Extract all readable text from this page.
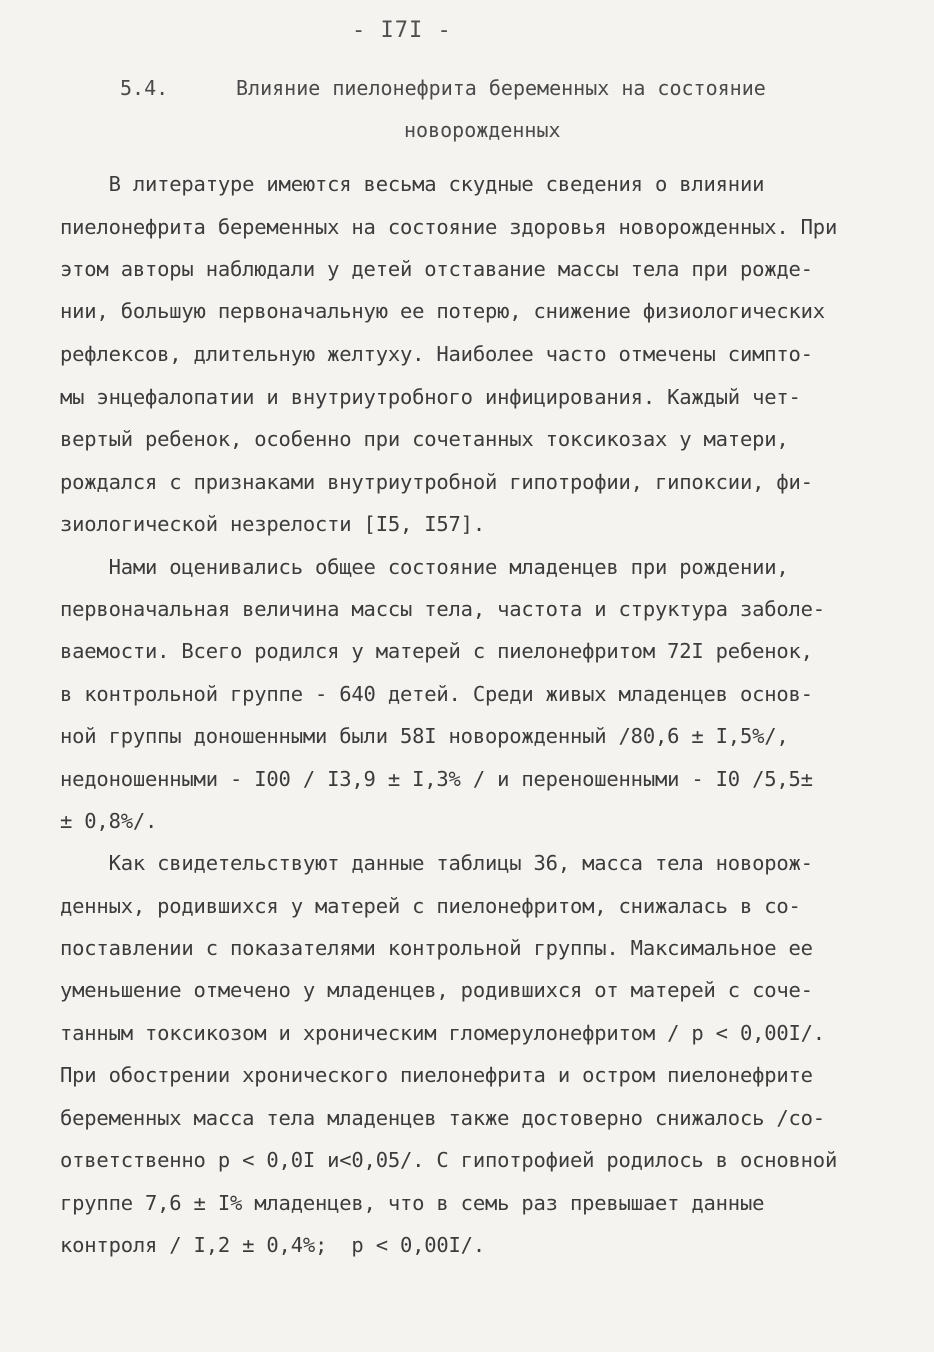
- I7I -
5.4.	Влияние пиелонефрита беременных на состояние
новорожденных
В литературе имеются весьма скудные сведения о влиянии
пиелонефрита беременных на состояние здоровья новорожденных. При
этом авторы наблюдали у детей отставание массы тела при рожде-
нии, большую первоначальную ее потерю, снижение физиологических
рефлексов, длительную желтуху. Наиболее часто отмечены симпто-
мы энцефалопатии и внутриутробного инфицирования. Каждый чет-
вертый ребенок, особенно при сочетанных токсикозах у матери,
рождался с признаками внутриутробной гипотрофии, гипоксии, фи-
зиологической незрелости [I5, I57].
Нами оценивались общее состояние младенцев при рождении,
первоначальная величина массы тела, частота и структура заболе-
ваемости. Всего родился у матерей с пиелонефритом 72I ребенок,
в контрольной группе - 640 детей. Среди живых младенцев основ-
ной группы доношенными были 58I новорожденный /80,6 ± I,5%/,
недоношенными - I00 / I3,9 ± I,3% / и переношенными - I0 /5,5±
± 0,8%/.
Как свидетельствуют данные таблицы 36, масса тела новорож-
денных, родившихся у матерей с пиелонефритом, снижалась в со-
поставлении с показателями контрольной группы. Максимальное ее
уменьшение отмечено у младенцев, родившихся от матерей с соче-
танным токсикозом и хроническим гломерулонефритом / p < 0,00I/.
При обострении хронического пиелонефрита и остром пиелонефрите
беременных масса тела младенцев также достоверно снижалось /со-
ответственно p < 0,0I и<0,05/. С гипотрофией родилось в основной
группе 7,6 ± I% младенцев, что в семь раз превышает данные
контроля / I,2 ± 0,4%;  p < 0,00I/.
